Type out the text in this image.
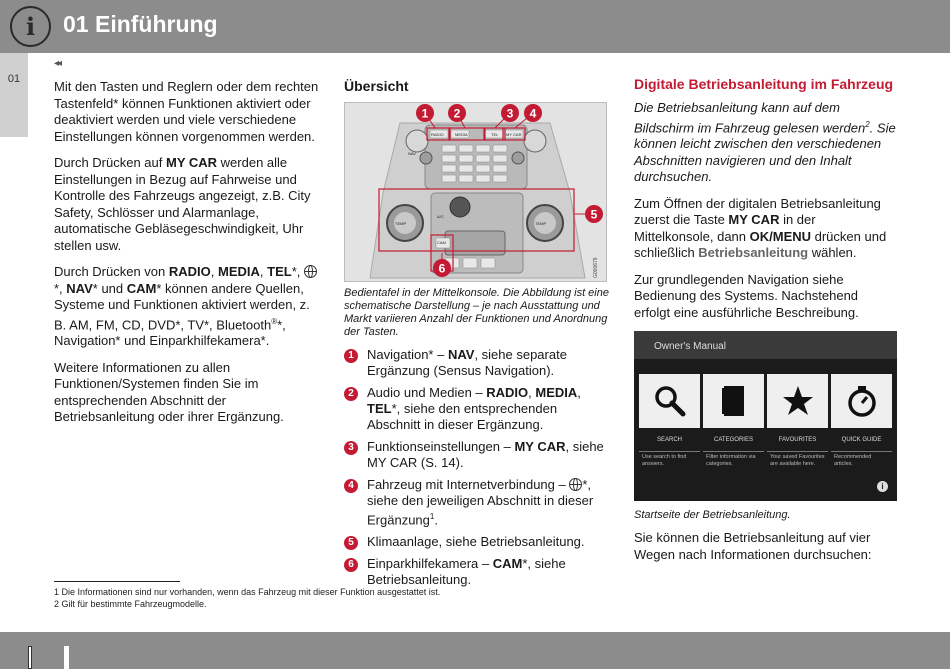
i 01 Einführung
01
◂◂

Mit den Tasten und Reglern oder dem rechten Tastenfeld* können Funktionen aktiviert oder deaktiviert werden und viele verschiedene Einstellungen können vorgenommen werden.

Durch Drücken auf MY CAR werden alle Einstellungen in Bezug auf Fahrweise und Kontrolle des Fahrzeugs angezeigt, z.B. City Safety, Schlösser und Alarmanlage, automatische Gebläsegeschwindigkeit, Uhr stellen usw.

Durch Drücken von RADIO, MEDIA, TEL*,  *, NAV* und CAM* können andere Quellen, Systeme und Funktionen aktiviert werden, z. B. AM, FM, CD, DVD*, TV*, Bluetooth®*, Navigation* und Einparkhilfekamera*.

Weitere Informationen zu allen Funktionen/Systemen finden Sie im entsprechenden Abschnitt der Betriebsanleitung oder ihrer Ergänzung.

Übersicht
1 2	3 4
5
6
RADIO	MEDIA	TEL MY CAR
NAV
CAM
A/C
TEMP	TEMP
G000679
Bedientafel in der Mittelkonsole. Die Abbildung ist eine schematische Darstellung – je nach Ausstattung und Markt variieren Anzahl der Funktionen und Anordnung der Tasten.
1	Navigation* – NAV, siehe separate Ergänzung (Sensus Navigation).
2	Audio und Medien – RADIO, MEDIA, TEL*, siehe den entsprechenden Abschnitt in dieser Ergänzung.
3	Funktionseinstellungen – MY CAR, siehe MY CAR (S. 14).
4	Fahrzeug mit Internetverbindung – *, siehe den jeweiligen Abschnitt in dieser Ergänzung$^1$.
5	Klimaanlage, siehe Betriebsanleitung.
6	Einparkhilfekamera – CAM*, siehe Betriebsanleitung.
Digitale Betriebsanleitung im Fahrzeug

Die Betriebsanleitung kann auf dem Bildschirm im Fahrzeug gelesen werden$^2$. Sie können leicht zwischen den verschiedenen Abschnitten navigieren und den Inhalt durchsuchen.

Zum Öffnen der digitalen Betriebsanleitung zuerst die Taste MY CAR in der Mittelkonsole, dann OK/MENU drücken und schließlich Betriebsanleitung wählen.

Zur grundlegenden Navigation siehe Bedienung des Systems. Nachstehend erfolgt eine ausführliche Beschreibung.

Owner's Manual
SEARCH
Use search to find answers.
CATEGORIES
Filter information via categories.
FAVOURITES
Your saved Favourites are available here.
QUICK GUIDE
Recommended articles.
i
Startseite der Betriebsanleitung.

Sie können die Betriebsanleitung auf vier Wegen nach Informationen durchsuchen:

1 Die Informationen sind nur vorhanden, wenn das Fahrzeug mit dieser Funktion ausgestattet ist.
2 Gilt für bestimmte Fahrzeugmodelle.
